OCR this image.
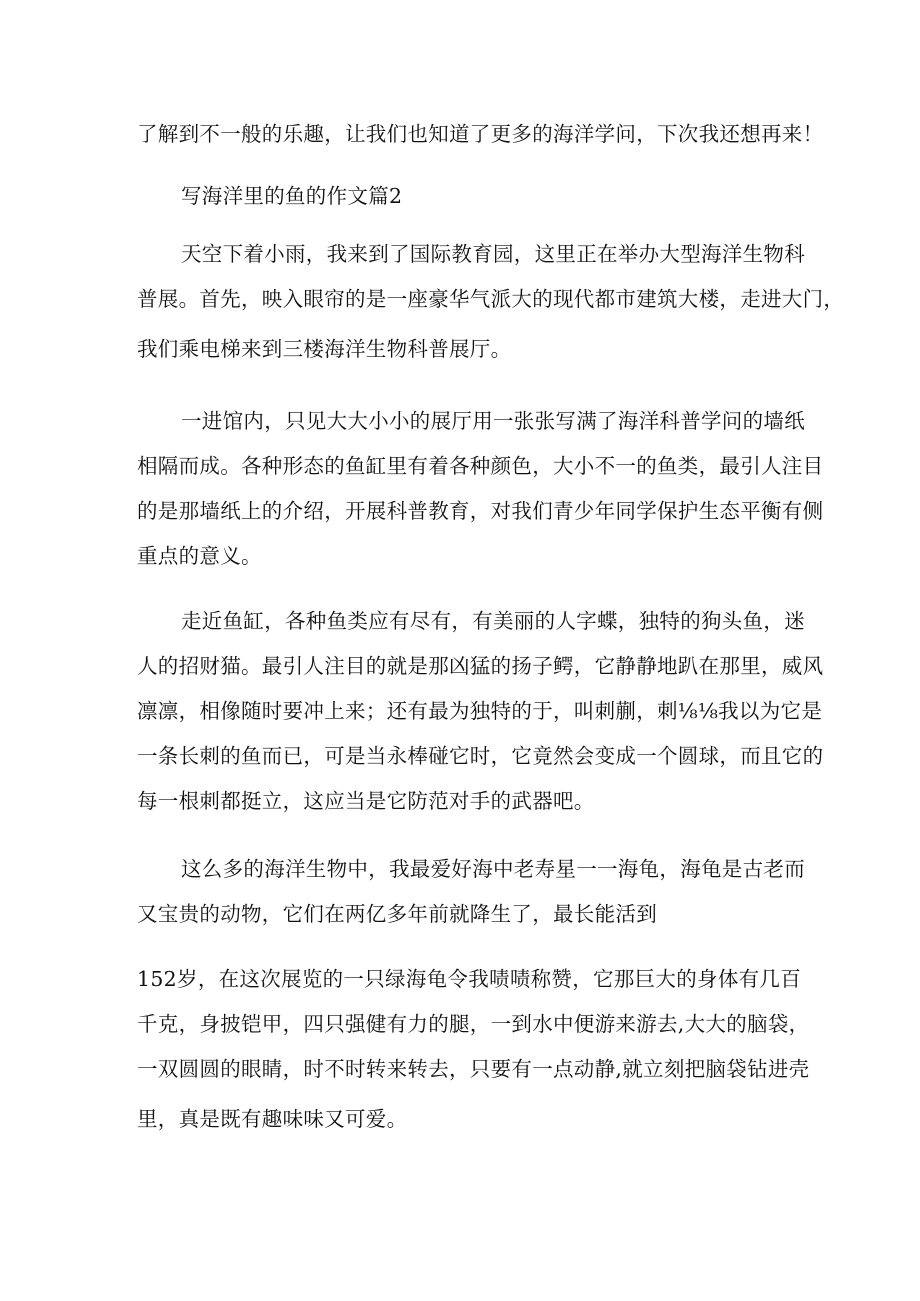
了解到不一般的乐趣，让我们也知道了更多的海洋学问，下次我还想再来！
写海洋里的鱼的作文篇2
天空下着小雨，我来到了国际教育园，这里正在举办大型海洋生物科
普展。首先，映入眼帘的是一座豪华气派大的现代都市建筑大楼，走进大门，
我们乘电梯来到三楼海洋生物科普展厅。
一进馆内，只见大大小小的展厅用一张张写满了海洋科普学问的墙纸
相隔而成。各种形态的鱼缸里有着各种颜色，大小不一的鱼类，最引人注目
的是那墙纸上的介绍，开展科普教育，对我们青少年同学保护生态平衡有侧
重点的意义。
走近鱼缸，各种鱼类应有尽有，有美丽的人字蝶，独特的狗头鱼，迷
人的招财猫。最引人注目的就是那凶猛的扬子鳄，它静静地趴在那里，威风
凛凛，相像随时要冲上来；还有最为独特的于，叫刺蒯，刺⅛⅛我以为它是
一条长刺的鱼而已，可是当永棒碰它时，它竟然会变成一个圆球，而且它的
每一根刺都挺立，这应当是它防范对手的武器吧。
这么多的海洋生物中，我最爱好海中老寿星一一海龟，海龟是古老而
又宝贵的动物，它们在两亿多年前就降生了，最长能活到
152岁，在这次展览的一只绿海龟令我啧啧称赞，它那巨大的身体有几百
千克，身披铠甲，四只强健有力的腿，一到水中便游来游去,大大的脑袋，
一双圆圆的眼睛，时不时转来转去，只要有一点动静,就立刻把脑袋钻进壳
里，真是既有趣味味又可爱。
